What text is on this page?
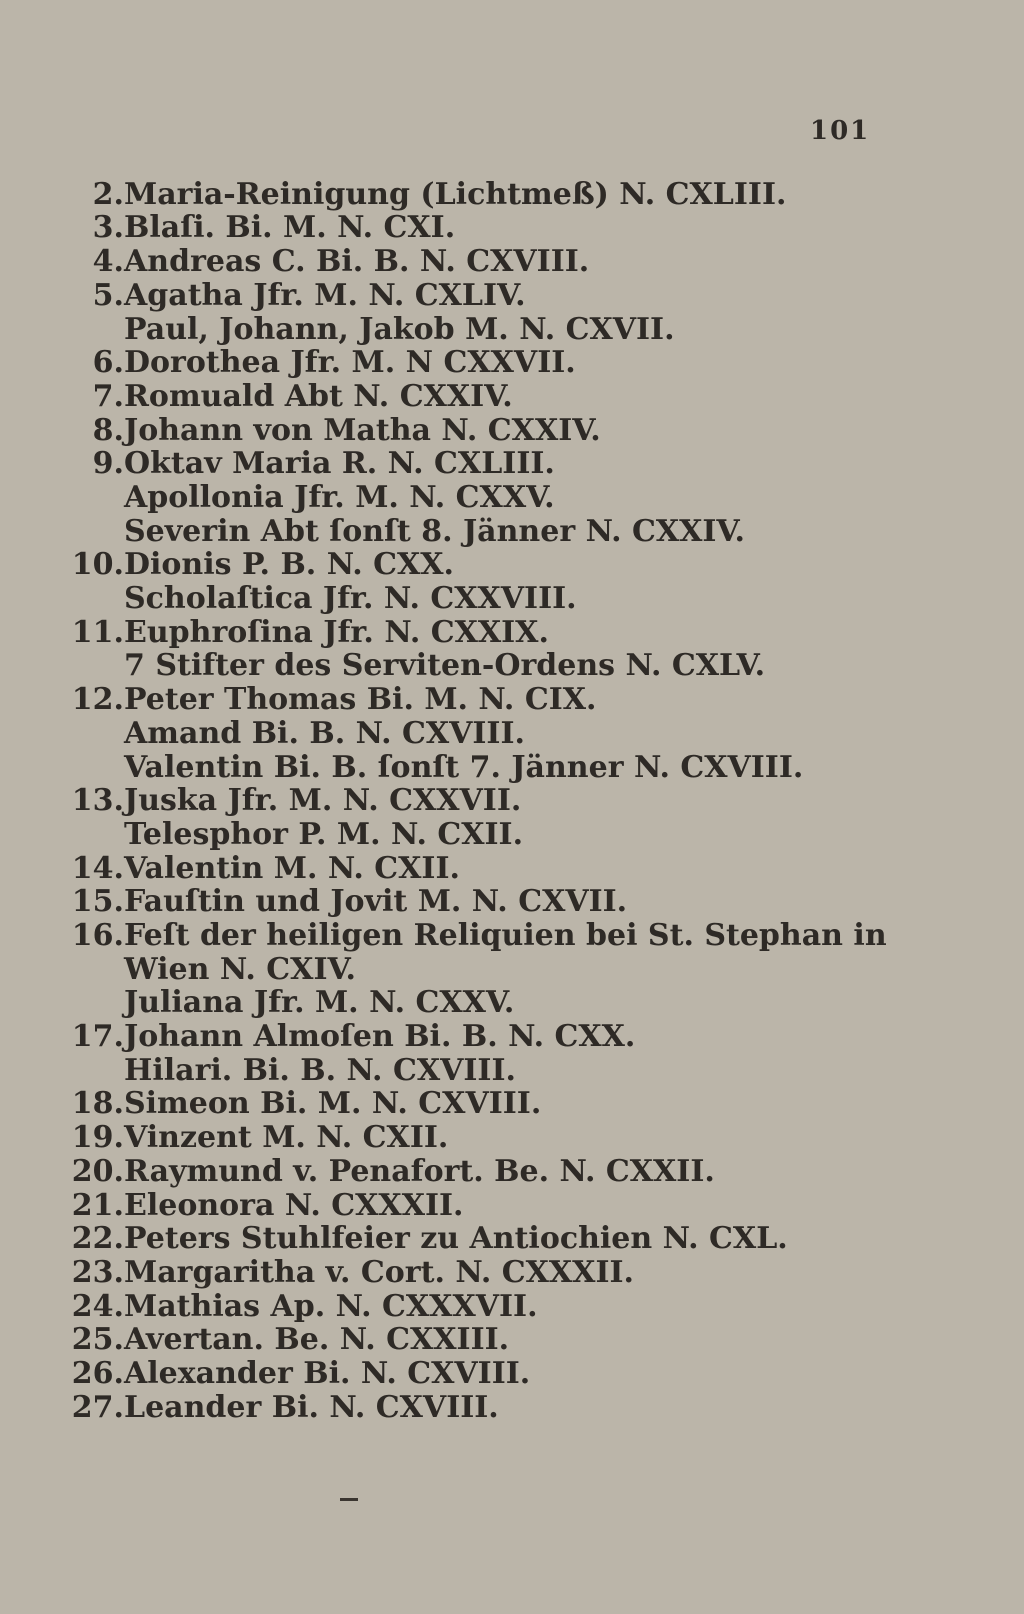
101
2. Maria-Reinigung (Lichtmeß) N. CXLIII.
3. Blaſi. Bi. M. N. CXI.
4. Andreas C. Bi. B. N. CXVIII.
5. Agatha Jfr. M. N. CXLIV.
Paul, Johann, Jakob M. N. CXVII.
6. Dorothea Jfr. M. N CXXVII.
7. Romuald Abt N. CXXIV.
8. Johann von Matha N. CXXIV.
9. Oktav Maria R. N. CXLIII.
Apollonia Jfr. M. N. CXXV.
Severin Abt ſonſt 8. Jänner N. CXXIV.
10. Dionis P. B. N. CXX.
Scholaſtica Jfr. N. CXXVIII.
11. Euphroſina Jfr. N. CXXIX.
7 Stifter des Serviten-Ordens N. CXLV.
12. Peter Thomas Bi. M. N. CIX.
Amand Bi. B. N. CXVIII.
Valentin Bi. B. ſonſt 7. Jänner N. CXVIII.
13. Juska Jfr. M. N. CXXVII.
Telesphor P. M. N. CXII.
14. Valentin M. N. CXII.
15. Fauſtin und Jovit M. N. CXVII.
16. Feſt der heiligen Reliquien bei St. Stephan in
Wien N. CXIV.
Juliana Jfr. M. N. CXXV.
17. Johann Almoſen Bi. B. N. CXX.
Hilari. Bi. B. N. CXVIII.
18. Simeon Bi. M. N. CXVIII.
19. Vinzent M. N. CXII.
20. Raymund v. Penafort. Be. N. CXXII.
21. Eleonora N. CXXXII.
22. Peters Stuhlfeier zu Antiochien N. CXL.
23. Margaritha v. Cort. N. CXXXII.
24. Mathias Ap. N. CXXXVII.
25. Avertan. Be. N. CXXIII.
26. Alexander Bi. N. CXVIII.
27. Leander Bi. N. CXVIII.
